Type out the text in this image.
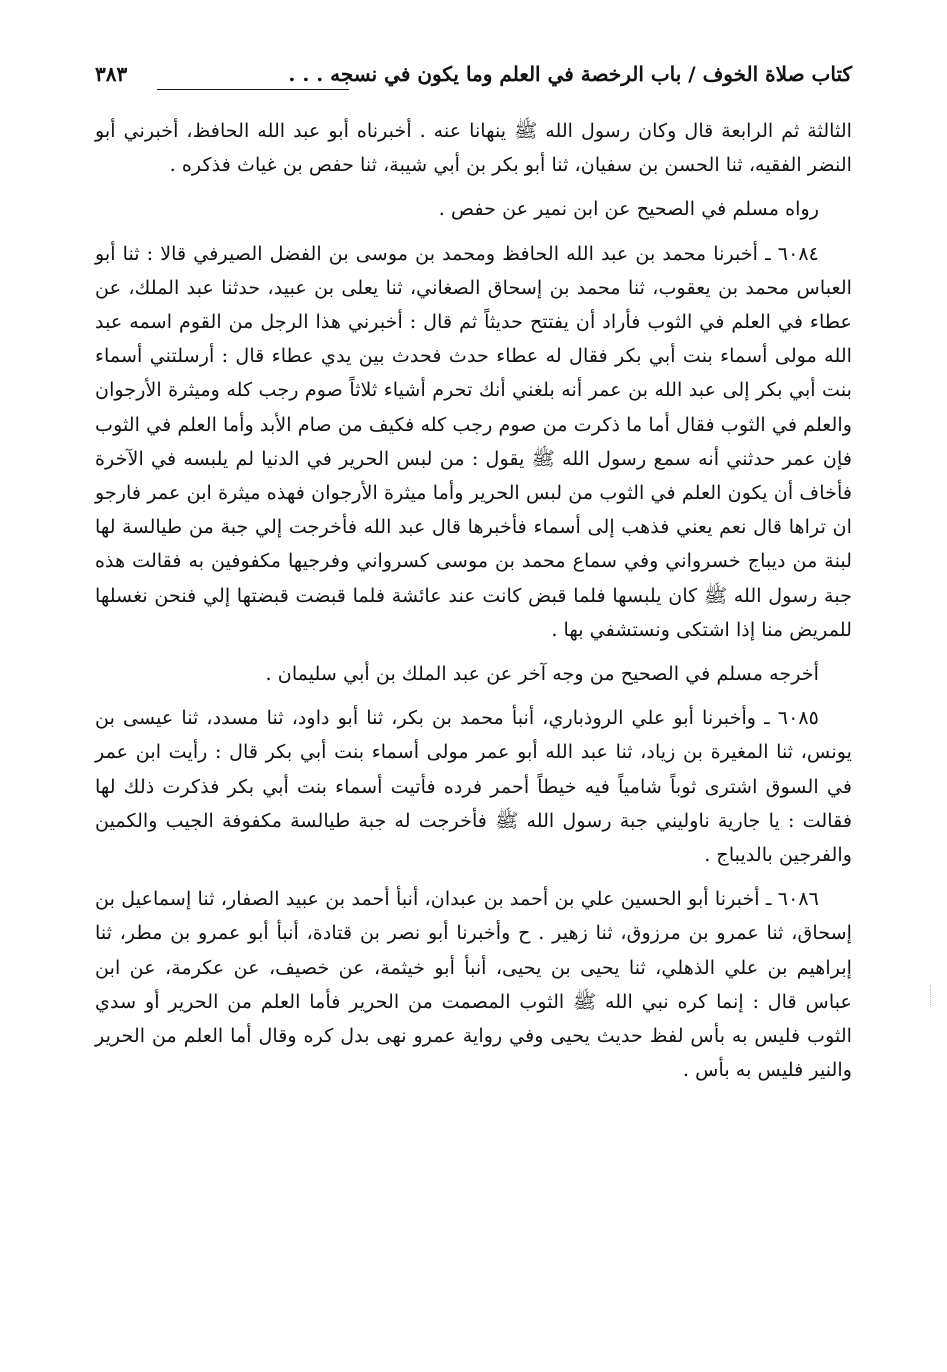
كتاب صلاة الخوف / باب الرخصة في العلم وما يكون في نسجه . . .
٣٨٣

الثالثة ثم الرابعة قال وكان رسول الله ﷺ ينهانا عنه . أخبرناه أبو عبد الله الحافظ، أخبرني أبو النضر الفقيه، ثنا الحسن بن سفيان، ثنا أبو بكر بن أبي شيبة، ثنا حفص بن غياث فذكره .

رواه مسلم في الصحيح عن ابن نمير عن حفص .

٦٠٨٤ ـ أخبرنا محمد بن عبد الله الحافظ ومحمد بن موسى بن الفضل الصيرفي قالا : ثنا أبو العباس محمد بن يعقوب، ثنا محمد بن إسحاق الصغاني، ثنا يعلى بن عبيد، حدثنا عبد الملك، عن عطاء في العلم في الثوب فأراد أن يفتتح حديثاً ثم قال : أخبرني هذا الرجل من القوم اسمه عبد الله مولى أسماء بنت أبي بكر فقال له عطاء حدث فحدث بين يدي عطاء قال : أرسلتني أسماء بنت أبي بكر إلى عبد الله بن عمر أنه بلغني أنك تحرم أشياء ثلاثاً صوم رجب كله وميثرة الأرجوان والعلم في الثوب فقال أما ما ذكرت من صوم رجب كله فكيف من صام الأبد وأما العلم في الثوب فإن عمر حدثني أنه سمع رسول الله ﷺ يقول : من لبس الحرير في الدنيا لم يلبسه في الآخرة فأخاف أن يكون العلم في الثوب من لبس الحرير وأما ميثرة الأرجوان فهذه ميثرة ابن عمر فارجو ان تراها قال نعم يعني فذهب إلى أسماء فأخبرها قال عبد الله فأخرجت إلي جبة من طيالسة لها لبنة من ديباج خسرواني وفي سماع محمد بن موسى كسرواني وفرجيها مكفوفين به فقالت هذه جبة رسول الله ﷺ كان يلبسها فلما قبض كانت عند عائشة فلما قبضت قبضتها إلي فنحن نغسلها للمريض منا إذا اشتكى ونستشفي بها .

أخرجه مسلم في الصحيح من وجه آخر عن عبد الملك بن أبي سليمان .

٦٠٨٥ ـ وأخبرنا أبو علي الروذباري، أنبأ محمد بن بكر، ثنا أبو داود، ثنا مسدد، ثنا عيسى بن يونس، ثنا المغيرة بن زياد، ثنا عبد الله أبو عمر مولى أسماء بنت أبي بكر قال : رأيت ابن عمر في السوق اشترى ثوباً شامياً فيه خيطاً أحمر فرده فأتيت أسماء بنت أبي بكر فذكرت ذلك لها فقالت : يا جارية ناوليني جبة رسول الله ﷺ فأخرجت له جبة طيالسة مكفوفة الجيب والكمين والفرجين بالديباج .

٦٠٨٦ ـ أخبرنا أبو الحسين علي بن أحمد بن عبدان، أنبأ أحمد بن عبيد الصفار، ثنا إسماعيل بن إسحاق، ثنا عمرو بن مرزوق، ثنا زهير . ح وأخبرنا أبو نصر بن قتادة، أنبأ أبو عمرو بن مطر، ثنا إبراهيم بن علي الذهلي، ثنا يحيى بن يحيى، أنبأ أبو خيثمة، عن خصيف، عن عكرمة، عن ابن عباس قال : إنما كره نبي الله ﷺ الثوب المصمت من الحرير فأما العلم من الحرير أو سدي الثوب فليس به بأس لفظ حديث يحيى وفي رواية عمرو نهى بدل كره وقال أما العلم من الحرير والنير فليس به بأس .
